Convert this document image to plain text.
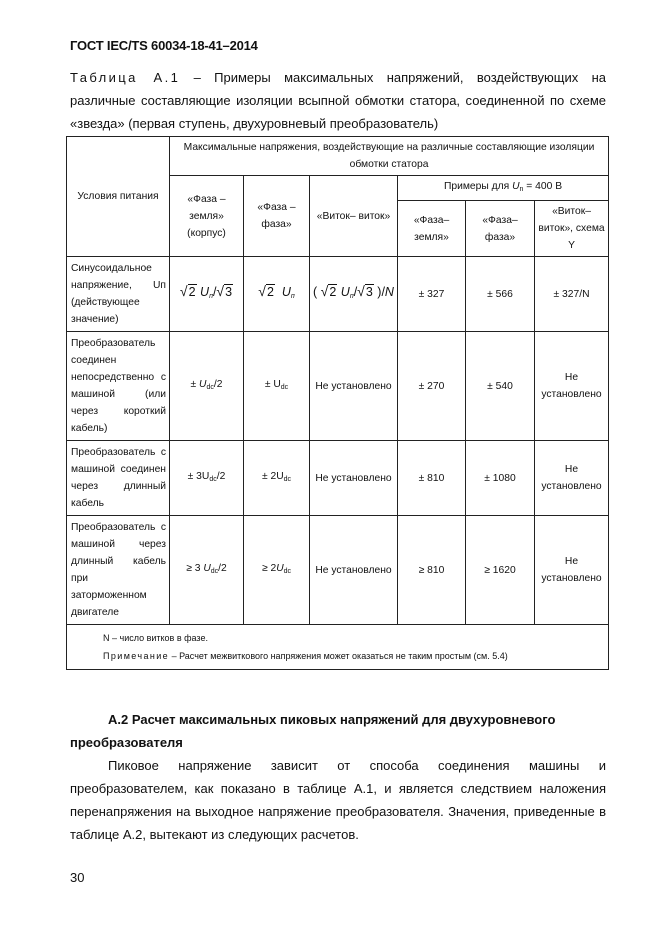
ГОСТ IEC/TS 60034-18-41–2014
Таблица А.1 – Примеры максимальных напряжений, воздействующих на различные составляющие изоляции всыпной обмотки статора, соединенной по схеме «звезда» (первая ступень, двухуровневый преобразователь)
Условия питания	Максимальные напряжения, воздействующие на различные составляющие изоляции обмотки статора					
	«Фаза – земля» (корпус)	«Фаза – фаза»	«Виток– виток»	Примеры для $U_n = 400$ В		
				«Фаза– земля»	«Фаза– фаза»	«Виток– виток», схема Y
Синусоидальное напряжение, Uп (действующее значение)	√2 $U_п/√3$	√2 $U_п$	( √2 $U_п/√3$ )/N	± 327	± 566	± 327/N
Преобразователь соединен непосредственно с машиной (или через короткий кабель)	± $U_{dc}/2$	± $U_{dc}$	Не установлено	± 270	± 540	Не установлено
Преобразователь с машиной соединен через длинный кабель	± $3U_{dc}/2$	± $2U_{dc}$	Не установлено	± 810	± 1080	Не установлено
Преобразователь с машиной через длинный кабель при заторможенном двигателе	≥ 3 $U_{dc}/2$	≥ $2U_{dc}$	Не установлено	≥ 810	≥ 1620	Не установлено

N – число витков в фазе.
Примечание – Расчет межвиткового напряжения может оказаться не таким простым (см. 5.4)						
А.2 Расчет максимальных пиковых напряжений для двухуровневого
преобразователя
Пиковое напряжение зависит от способа соединения машины и преобразователем, как показано в таблице А.1, и является следствием наложения перенапряжения на выходное напряжение преобразователя. Значения, приведенные в таблице А.2, вытекают из следующих расчетов.
30
